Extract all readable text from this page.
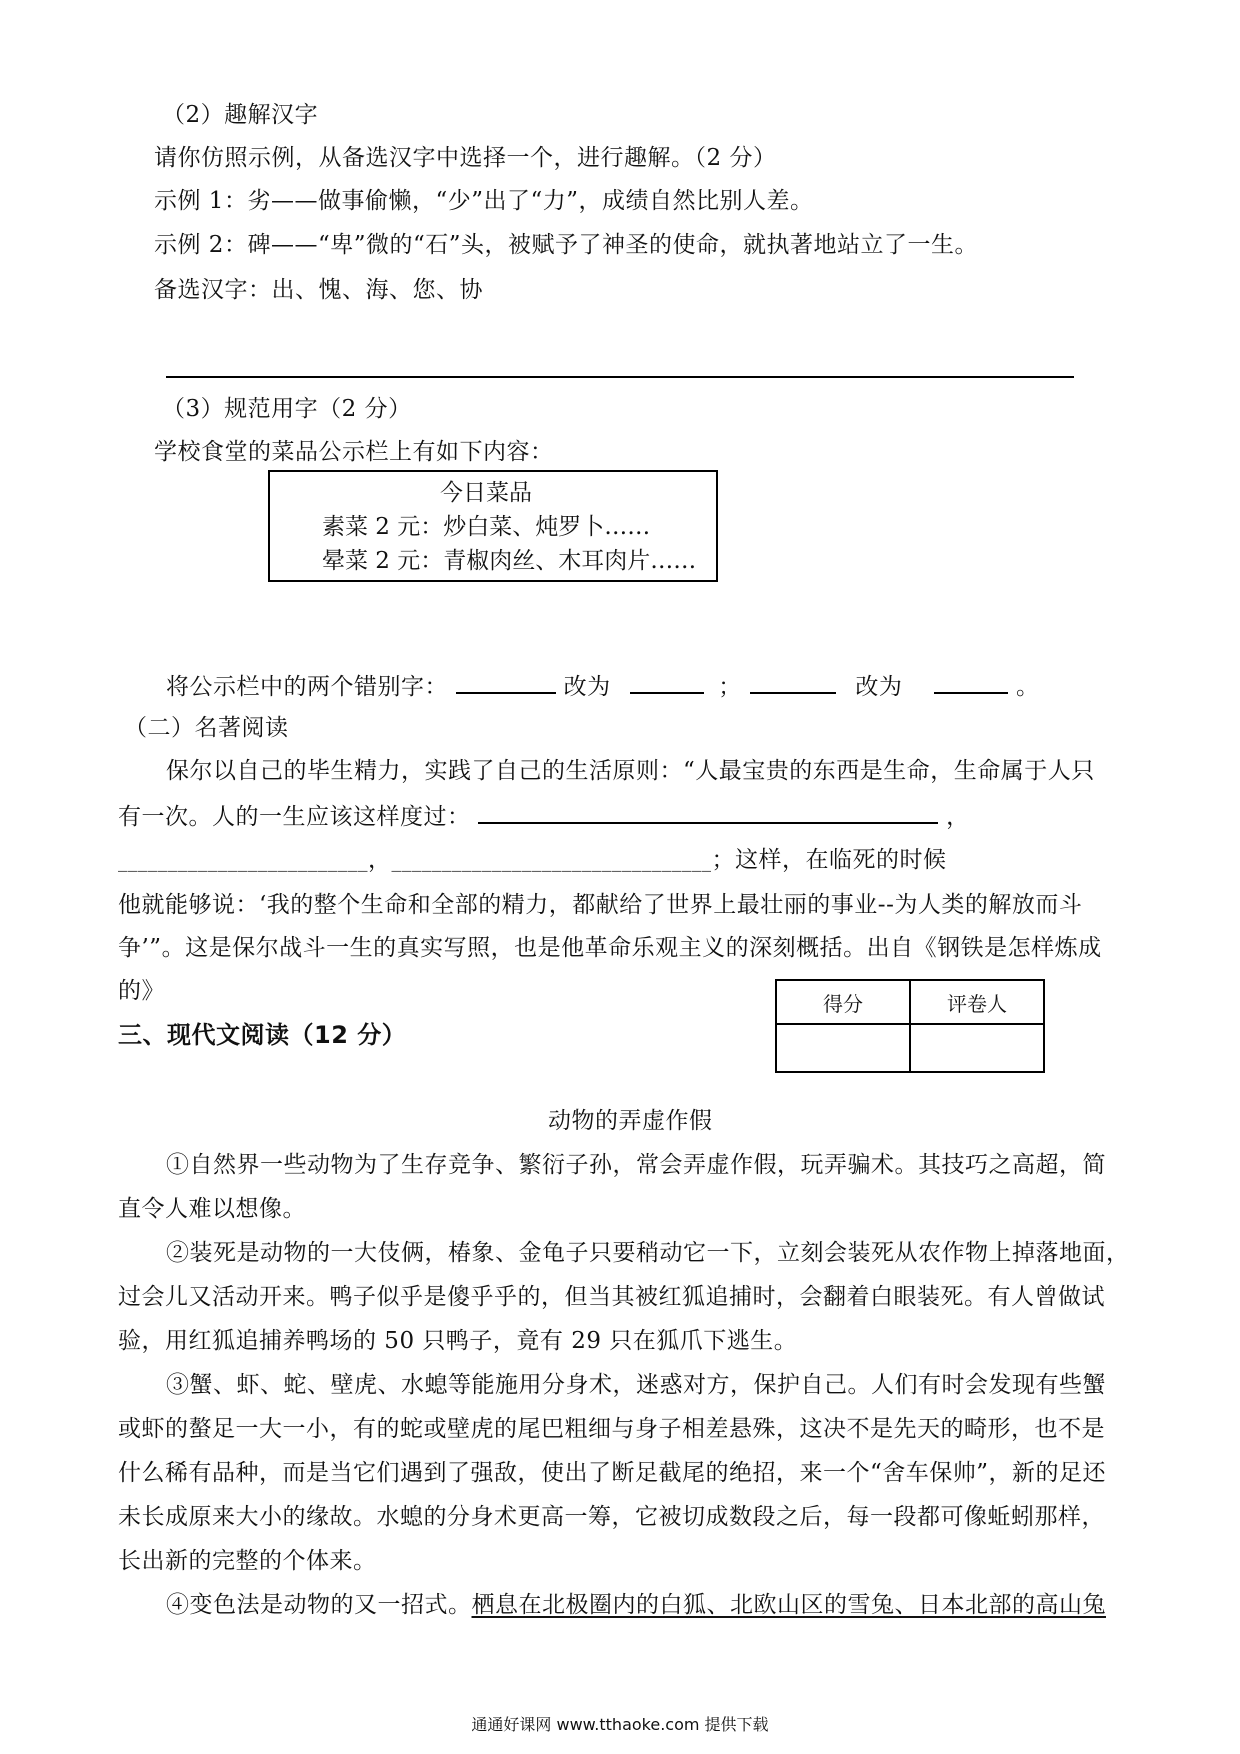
（2）趣解汉字
请你仿照示例，从备选汉字中选择一个，进行趣解。（2 分）
示例 1：劣——做事偷懒，“少”出了“力”，成绩自然比别人差。
示例 2：碑——“卑”微的“石”头，被赋予了神圣的使命，就执著地站立了一生。
备选汉字：出、愧、海、您、协
（3）规范用字（2 分）
学校食堂的菜品公示栏上有如下内容：
今日菜品
素菜 2 元：炒白菜、炖罗卜……
晕菜 2 元：青椒肉丝、木耳肉片……
将公示栏中的两个错别字：	改为	；	改为	。
（二）名著阅读
保尔以自己的毕生精力，实践了自己的生活原则：“人最宝贵的东西是生命，生命属于人只
有一次。人的一生应该这样度过：	，
_________________________，________________________________；这样，在临死的时候
他就能够说：‘我的整个生命和全部的精力，都献给了世界上最壮丽的事业--为人类的解放而斗
争’”。这是保尔战斗一生的真实写照，也是他革命乐观主义的深刻概括。出自《钢铁是怎样炼成
的》	得分	评卷人

三、现代文阅读（12 分）
动物的弄虚作假
①自然界一些动物为了生存竞争、繁衍子孙，常会弄虚作假，玩弄骗术。其技巧之高超，简
直令人难以想像。
②装死是动物的一大伎俩，椿象、金龟子只要稍动它一下，立刻会装死从农作物上掉落地面，
过会儿又活动开来。鸭子似乎是傻乎乎的，但当其被红狐追捕时，会翻着白眼装死。有人曾做试
验，用红狐追捕养鸭场的 50 只鸭子，竟有 29 只在狐爪下逃生。
③蟹、虾、蛇、壁虎、水螅等能施用分身术，迷惑对方，保护自己。人们有时会发现有些蟹
或虾的螯足一大一小，有的蛇或壁虎的尾巴粗细与身子相差悬殊，这决不是先天的畸形，也不是
什么稀有品种，而是当它们遇到了强敌，使出了断足截尾的绝招，来一个“舍车保帅”，新的足还
未长成原来大小的缘故。水螅的分身术更高一筹，它被切成数段之后，每一段都可像蚯蚓那样，
长出新的完整的个体来。
④变色法是动物的又一招式。栖息在北极圈内的白狐、北欧山区的雪兔、日本北部的高山兔
通通好课网 www.tthaoke.com 提供下载
